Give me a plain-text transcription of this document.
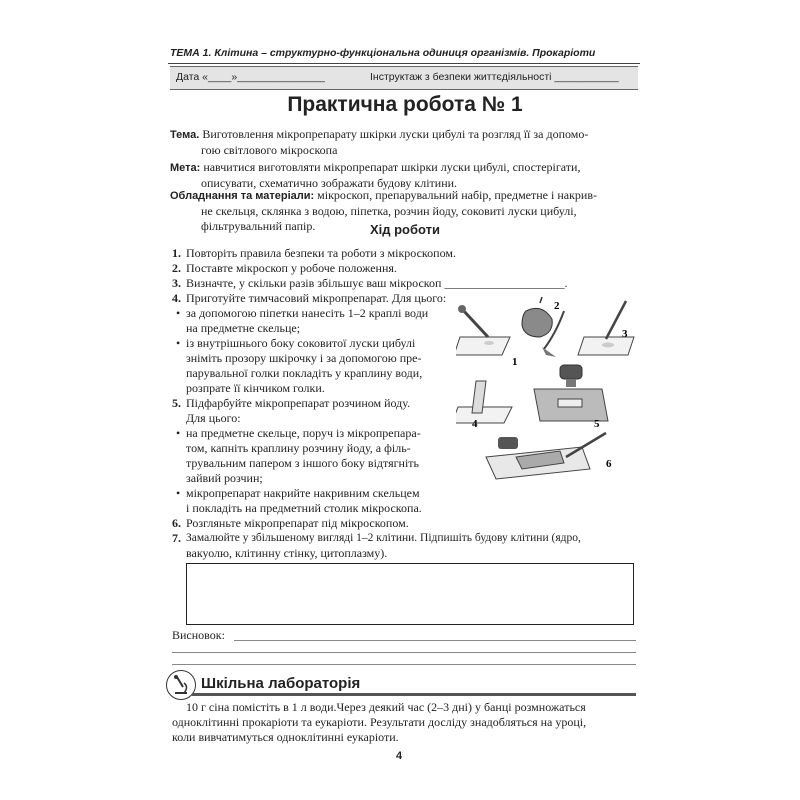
ТЕМА 1. Клітина – структурно-функціональна одиниця організмів. Прокаріоти
Дата «____»_______________	Інструктаж з безпеки життєдіяльності ___________
Практична робота № 1
Тема. Виготовлення мікропрепарату шкірки луски цибулі та розгляд її за допомо-
гою світлового мікроскопа
Мета: навчитися виготовляти мікропрепарат шкірки луски цибулі, спостерігати,
описувати, схематично зображати будову клітини.
Обладнання та матеріали: мікроскоп, препарувальний набір, предметне і накрив-
не скельця, склянка з водою, піпетка, розчин йоду, соковиті луски цибулі,
фільтрувальний папір.	Хід роботи
1. Повторіть правила безпеки та роботи з мікроскопом.
2. Поставте мікроскоп у робоче положення.
3. Визначте, у скільки разів збільшує ваш мікроскоп ____________________.
4. Приготуйте тимчасовий мікропрепарат. Для цього:
• за допомогою піпетки нанесіть 1–2 краплі води
на предметне скельце;
• із внутрішнього боку соковитої луски цибулі
зніміть прозору шкірочку і за допомогою пре-
парувальної голки покладіть у краплину води,
розпрате її кінчиком голки.
5. Підфарбуйте мікропрепарат розчином йоду.
Для цього:
• на предметне скельце, поруч із мікропрепара-
том, капніть краплину розчину йоду, а філь-
трувальним папером з іншого боку відтягніть
зайвий розчин;
• мікропрепарат накрийте накривним скельцем
і покладіть на предметний столик мікроскопа.
6. Розгляньте мікропрепарат під мікроскопом.
1
2
3
4	5
6
7. Замалюйте у збільшеному вигляді 1–2 клітини. Підпишіть будову клітини (ядро,
вакуолю, клітинну стінку, цитоплазму).
Висновок:
Шкільна лабораторія
10 г сіна помістіть в 1 л води.Через деякий час (2–3 дні) у банці розмножаться
одноклітинні прокаріоти та еукаріоти. Результати досліду знадобляться на уроці,
коли вивчатимуться одноклітинні еукаріоти.
4
